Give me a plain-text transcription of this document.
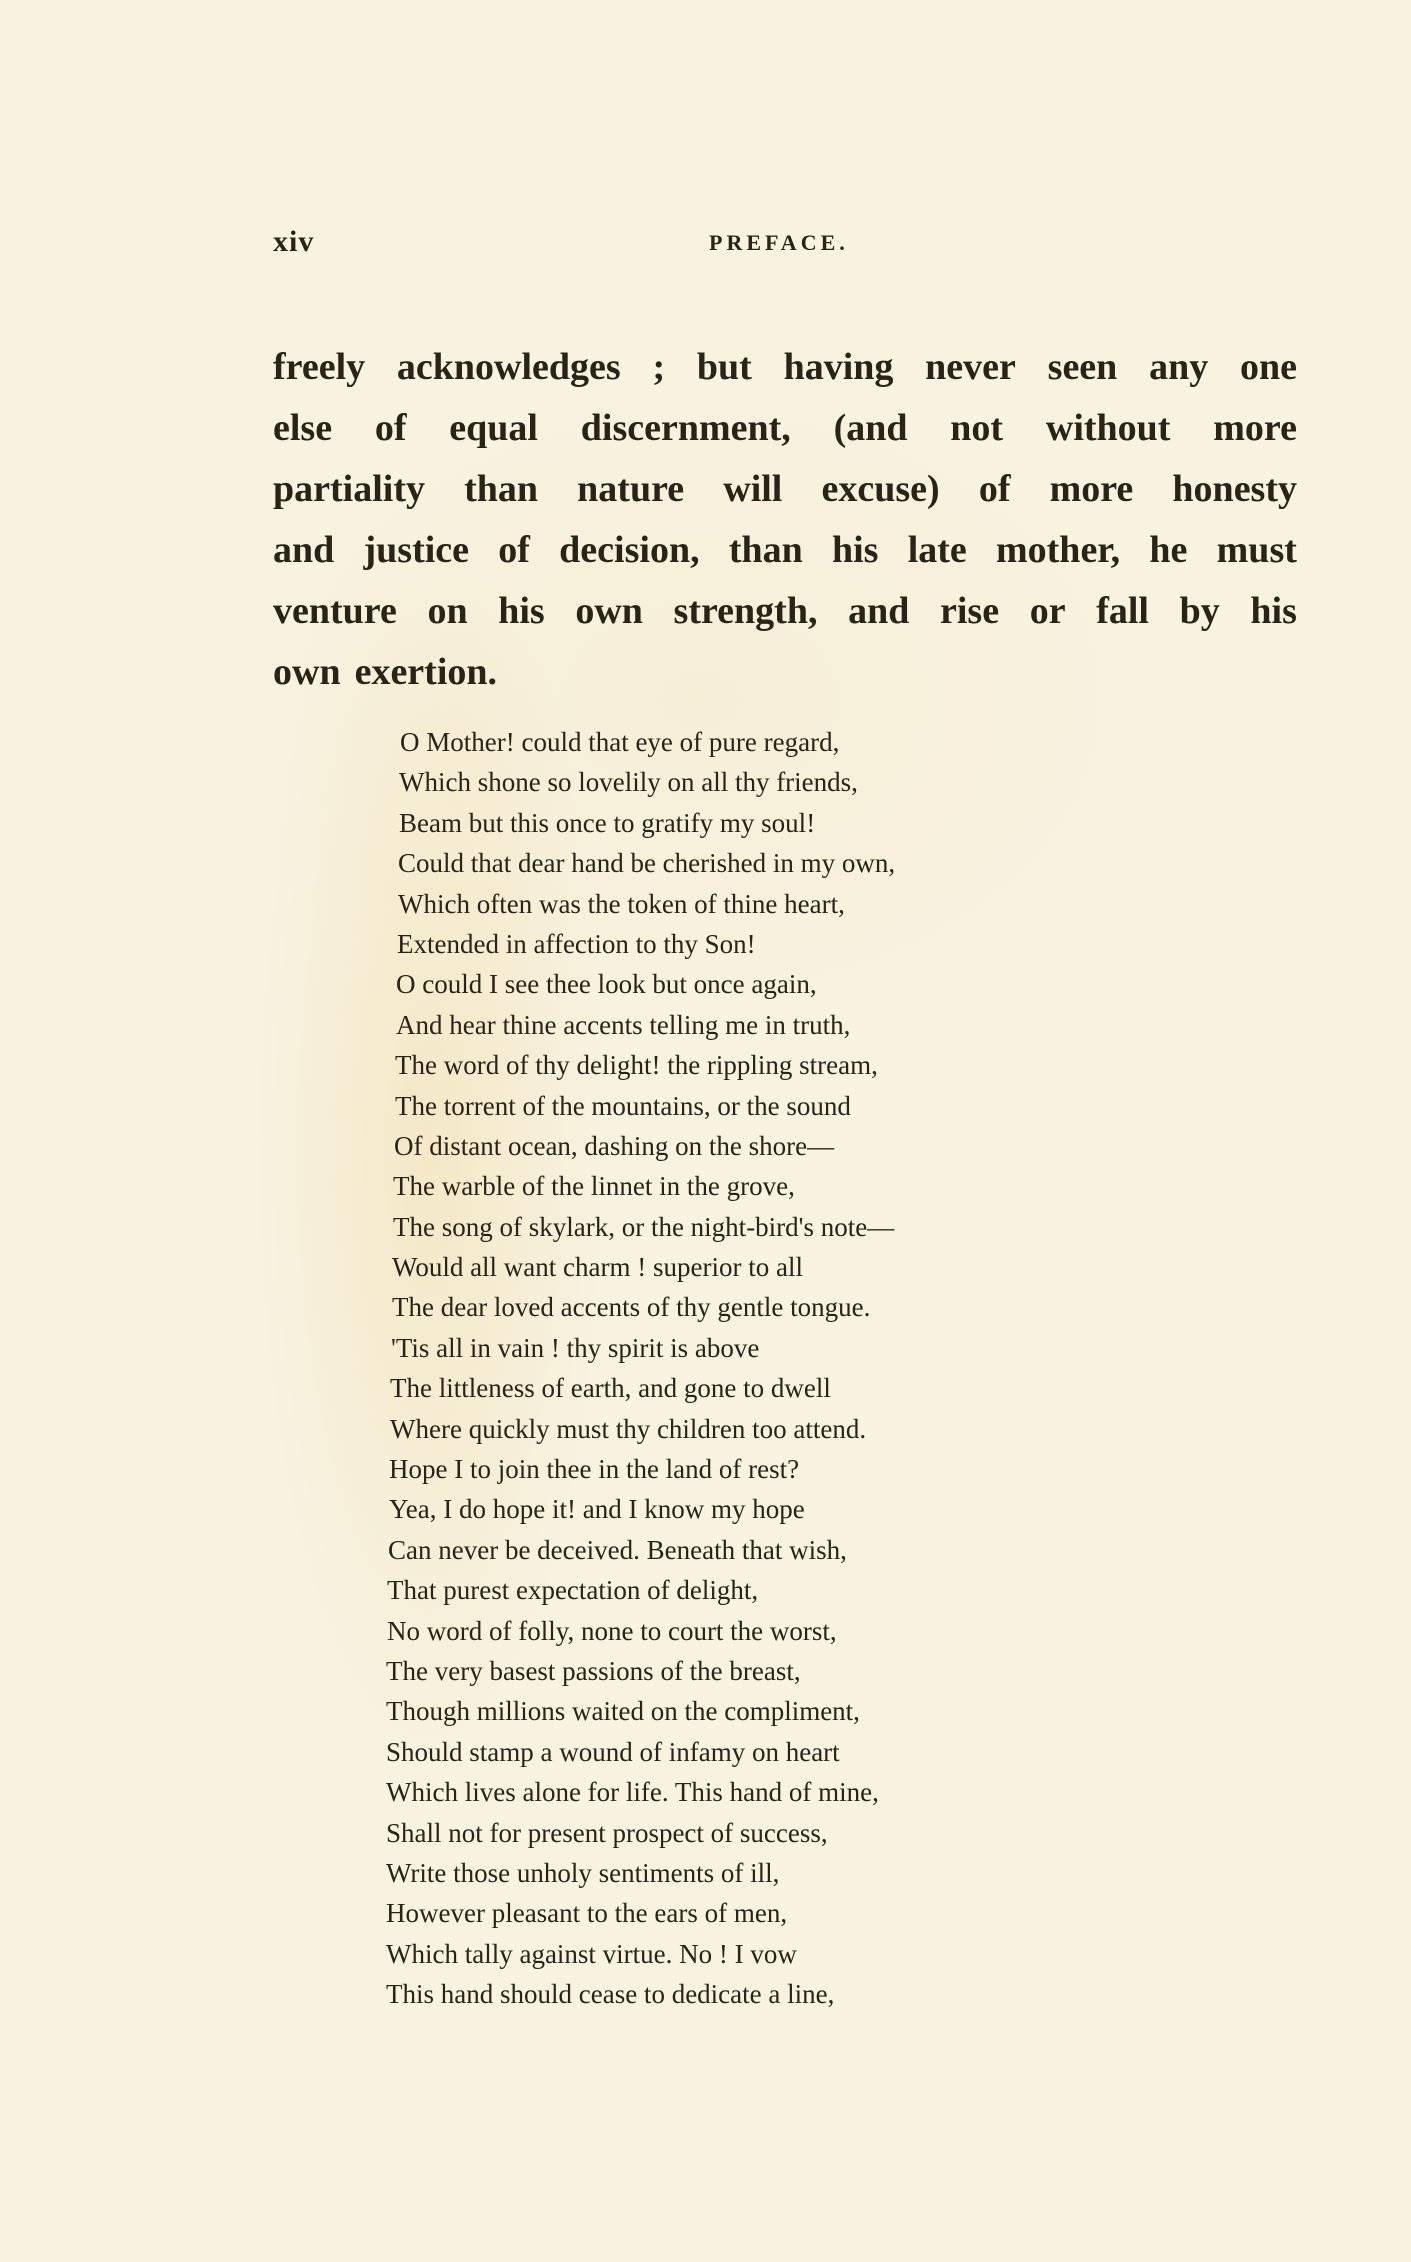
xiv	PREFACE.
freely acknowledges ; but having never seen any one
else of equal discernment, (and not without more
partiality than nature will excuse) of more honesty
and justice of decision, than his late mother, he must
venture on his own strength, and rise or fall by his
own exertion.
O Mother! could that eye of pure regard,
Which shone so lovelily on all thy friends,
Beam but this once to gratify my soul!
Could that dear hand be cherished in my own,
Which often was the token of thine heart,
Extended in affection to thy Son!
O could I see thee look but once again,
And hear thine accents telling me in truth,
The word of thy delight! the rippling stream,
The torrent of the mountains, or the sound
Of distant ocean, dashing on the shore—
The warble of the linnet in the grove,
The song of skylark, or the night-bird's note—
Would all want charm ! superior to all
The dear loved accents of thy gentle tongue.
'Tis all in vain ! thy spirit is above
The littleness of earth, and gone to dwell
Where quickly must thy children too attend.
Hope I to join thee in the land of rest?
Yea, I do hope it! and I know my hope
Can never be deceived. Beneath that wish,
That purest expectation of delight,
No word of folly, none to court the worst,
The very basest passions of the breast,
Though millions waited on the compliment,
Should stamp a wound of infamy on heart
Which lives alone for life. This hand of mine,
Shall not for present prospect of success,
Write those unholy sentiments of ill,
However pleasant to the ears of men,
Which tally against virtue. No ! I vow
This hand should cease to dedicate a line,
